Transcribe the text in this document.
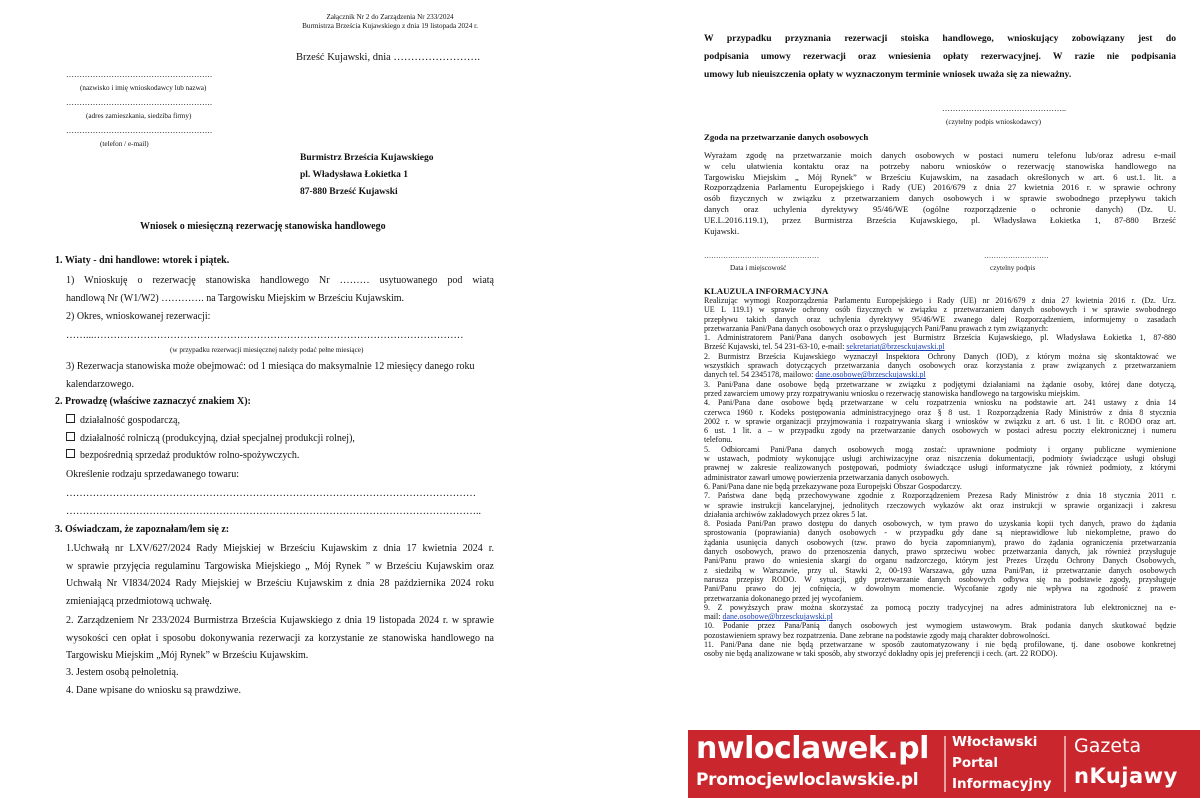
Załącznik Nr 2 do Zarządzenia Nr 233/2024
Burmistrza Brześcia Kujawskiego z dnia 19 listopada 2024 r.
Brześć Kujawski, dnia …………………….
……………………………………………….
(nazwisko i imię wnioskodawcy lub nazwa)
……………………………………………….
(adres zamieszkania, siedziba firmy)
……………………………………………….
(telefon / e-mail)
Burmistrz Brześcia Kujawskiego
pl. Władysława Łokietka 1
87-880 Brześć Kujawski
Wniosek o miesięczną rezerwację stanowiska handlowego
1. Wiaty - dni handlowe: wtorek i piątek.
1) Wnioskuję o rezerwację stanowiska handlowego Nr ……… usytuowanego pod wiatą
handlową Nr (W1/W2) …………. na Targowisku Miejskim w Brześciu Kujawskim.
2) Okres, wnioskowanej rezerwacji:
……...…………………………………………………………………………………………………
(w przypadku rezerwacji miesięcznej należy podać pełne miesiące)
3) Rezerwacja stanowiska może obejmować: od 1 miesiąca do maksymalnie 12 miesięcy danego roku
kalendarzowego.
2. Prowadzę (właściwe zaznaczyć znakiem X):
działalność gospodarczą,
działalność rolniczą (produkcyjną, dział specjalnej produkcji rolnej),
bezpośrednią sprzedaż produktów rolno-spożywczych.
Określenie rodzaju sprzedawanego towaru:
……………………………………………………………………………………………………………
……………………………………………………………………………………………………………..
3. Oświadczam, że zapoznałam/łem się z:
1.Uchwałą nr LXV/627/2024 Rady Miejskiej w Brześciu Kujawskim z dnia 17 kwietnia 2024 r.
w sprawie przyjęcia regulaminu Targowiska Miejskiego „ Mój Rynek ” w Brześciu Kujawskim oraz
Uchwałą Nr VI834/2024 Rady Miejskiej w Brześciu Kujawskim z dnia 28 października 2024 roku
zmieniającą przedmiotową uchwałę.
2. Zarządzeniem Nr 233/2024 Burmistrza Brześcia Kujawskiego z dnia 19 listopada 2024 r. w sprawie
wysokości cen opłat i sposobu dokonywania rezerwacji za korzystanie ze stanowiska handlowego na
Targowisku Miejskim „Mój Rynek” w Brześciu Kujawskim.
3. Jestem osobą pełnoletnią.
4. Dane wpisane do wniosku są prawdziwe.
W przypadku przyznania rezerwacji stoiska handlowego, wnioskujący zobowiązany jest do
podpisania umowy rezerwacji oraz wniesienia opłaty rezerwacyjnej. W razie nie podpisania
umowy lub nieuiszczenia opłaty w wyznaczonym terminie wniosek uważa się za nieważny.
………………………………………..
(czytelny podpis wnioskodawcy)
Zgoda na przetwarzanie danych osobowych
Wyrażam zgodę na przetwarzanie moich danych osobowych w postaci numeru telefonu lub/oraz adresu e-mail
w celu ułatwienia kontaktu oraz na potrzeby naboru wniosków o rezerwację stanowiska handlowego na
Targowisku Miejskim „ Mój Rynek” w Brześciu Kujawskim, na zasadach określonych w art. 6 ust.1. lit. a
Rozporządzenia Parlamentu Europejskiego i Rady (UE) 2016/679 z dnia 27 kwietnia 2016 r. w sprawie ochrony
osób fizycznych w związku z przetwarzaniem danych osobowych i w sprawie swobodnego przepływu takich
danych oraz uchylenia dyrektywy 95/46/WE (ogólne rozporządzenie o ochronie danych) (Dz. U.
UE.L.2016.119.1), przez Burmistrza Brześcia Kujawskiego, pl. Władysława Łokietka 1, 87-880 Brześć
Kujawski.
…………………………………………
Data i miejscowość
………………………
czytelny podpis
KLAUZULA INFORMACYJNA
Realizując wymogi Rozporządzenia Parlamentu Europejskiego i Rady (UE) nr 2016/679 z dnia 27 kwietnia 2016 r. (Dz. Urz.
UE L 119.1) w sprawie ochrony osób fizycznych w związku z przetwarzaniem danych osobowych i w sprawie swobodnego
przepływu takich danych oraz uchylenia dyrektywy 95/46/WE zwanego dalej Rozporządzeniem, informujemy o zasadach
przetwarzania Pani/Pana danych osobowych oraz o przysługujących Pani/Panu prawach z tym związanych:
1. Administratorem Pani/Pana danych osobowych jest Burmistrz Brześcia Kujawskiego, pl. Władysława Łokietka 1, 87-880
Brześć Kujawski, tel. 54 231-63-10, e-mail: sekretariat@brzesckujawski.pl
2. Burmistrz Brześcia Kujawskiego wyznaczył Inspektora Ochrony Danych (IOD), z którym można się skontaktować we
wszystkich sprawach dotyczących przetwarzania danych osobowych oraz korzystania z praw związanych z przetwarzaniem
danych tel. 54 2345178, mailowo: dane.osobowe@brzesckujawski.pl
3. Pani/Pana dane osobowe będą przetwarzane w związku z podjętymi działaniami na żądanie osoby, której dane dotyczą,
przed zawarciem umowy przy rozpatrywaniu wniosku o rezerwację stanowiska handlowego na targowisku miejskim.
4. Pani/Pana dane osobowe będą przetwarzane w celu rozpatrzenia wniosku na podstawie art. 241 ustawy z dnia 14
czerwca 1960 r. Kodeks postępowania administracyjnego oraz § 8 ust. 1 Rozporządzenia Rady Ministrów z dnia 8 stycznia
2002 r. w sprawie organizacji przyjmowania i rozpatrywania skarg i wniosków w związku z art. 6 ust. 1 lit. c RODO oraz art.
6 ust. 1 lit. a – w przypadku zgody na przetwarzanie danych osobowych w postaci adresu poczty elektronicznej i numeru
telefonu.
5. Odbiorcami Pani/Pana danych osobowych mogą zostać: uprawnione podmioty i organy publiczne wymienione
w ustawach, podmioty wykonujące usługi archiwizacyjne oraz niszczenia dokumentacji, podmioty świadczące usługi obsługi
prawnej w zakresie realizowanych postępowań, podmioty świadczące usługi informatyczne jak również podmioty, z którymi
administrator zawarł umowę powierzenia przetwarzania danych osobowych.
6. Pani/Pana dane nie będą przekazywane poza Europejski Obszar Gospodarczy.
7. Państwa dane będą przechowywane zgodnie z Rozporządzeniem Prezesa Rady Ministrów z dnia 18 stycznia 2011 r.
w sprawie instrukcji kancelaryjnej, jednolitych rzeczowych wykazów akt oraz instrukcji w sprawie organizacji i zakresu
działania archiwów zakładowych przez okres 5 lat.
8. Posiada Pani/Pan prawo dostępu do danych osobowych, w tym prawo do uzyskania kopii tych danych, prawo do żądania
sprostowania (poprawiania) danych osobowych - w przypadku gdy dane są nieprawidłowe lub niekompletne, prawo do
żądania usunięcia danych osobowych (tzw. prawo do bycia zapomnianym), prawo do żądania ograniczenia przetwarzania
danych osobowych, prawo do przenoszenia danych, prawo sprzeciwu wobec przetwarzania danych, jak również przysługuje
Pani/Panu prawo do wniesienia skargi do organu nadzorczego, którym jest Prezes Urzędu Ochrony Danych Osobowych,
z siedzibą w Warszawie, przy ul. Stawki 2, 00-193 Warszawa, gdy uzna Pani/Pan, iż przetwarzanie danych osobowych
narusza przepisy RODO. W sytuacji, gdy przetwarzanie danych osobowych odbywa się na podstawie zgody, przysługuje
Pani/Panu prawo do jej cofnięcia, w dowolnym momencie. Wycofanie zgody nie wpływa na zgodność z prawem
przetwarzania dokonanego przed jej wycofaniem.
9. Z powyższych praw można skorzystać za pomocą poczty tradycyjnej na adres administratora lub elektronicznej na e-
mail: dane.osobowe@brzesckujawski.pl
10. Podanie przez Pana/Panią danych osobowych jest wymogiem ustawowym. Brak podania danych skutkować będzie
pozostawieniem sprawy bez rozpatrzenia. Dane zebrane na podstawie zgody mają charakter dobrowolności.
11. Pani/Pana dane nie będą przetwarzane w sposób zautomatyzowany i nie będą profilowane, tj. dane osobowe konkretnej
osoby nie będą analizowane w taki sposób, aby stworzyć dokładny opis jej preferencji i cech. (art. 22 RODO).
nwloclawek.pl
Promocjewloclawskie.pl
Włocławski
Portal
Informacyjny
Gazeta
nKujawy
